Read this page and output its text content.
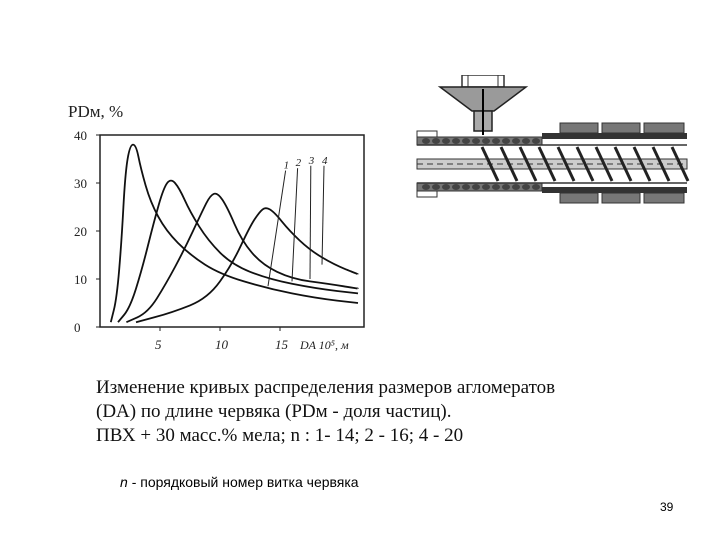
0
10
20
30
40
5	10	15
1 2 3 4
PDм, %
DA 10⁵, м
Изменение кривых распределения размеров агломератов
(DA) по длине червяка (PDм - доля частиц).
ПВХ + 30 масс.% мела; n : 1- 14; 2 - 16; 4 - 20
n - порядковый номер витка червяка
39
